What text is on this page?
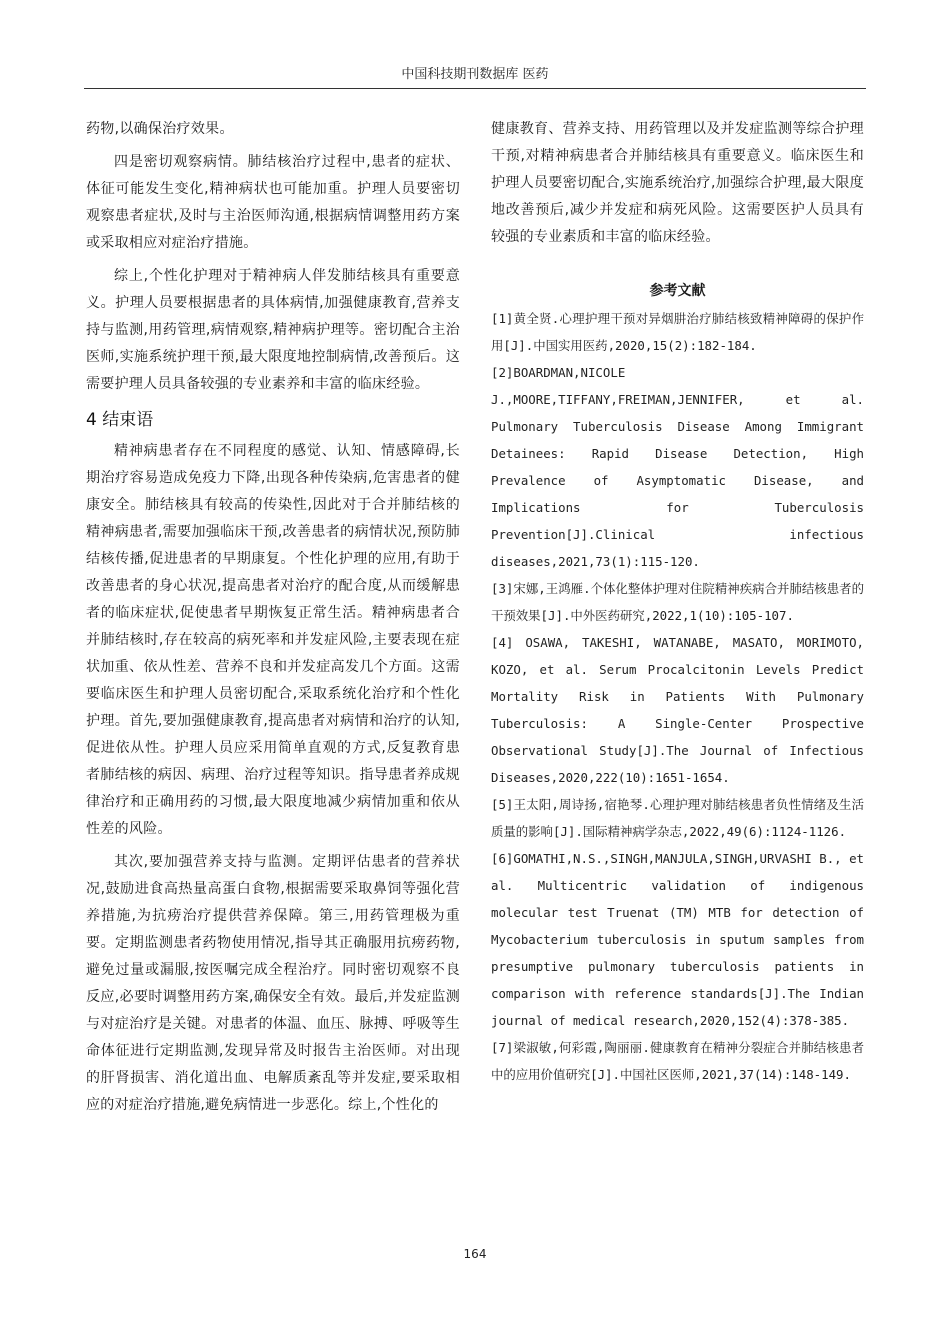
中国科技期刊数据库 医药

药物,以确保治疗效果。

四是密切观察病情。肺结核治疗过程中,患者的症状、体征可能发生变化,精神病状也可能加重。护理人员要密切观察患者症状,及时与主治医师沟通,根据病情调整用药方案或采取相应对症治疗措施。

综上,个性化护理对于精神病人伴发肺结核具有重要意义。护理人员要根据患者的具体病情,加强健康教育,营养支持与监测,用药管理,病情观察,精神病护理等。密切配合主治医师,实施系统护理干预,最大限度地控制病情,改善预后。这需要护理人员具备较强的专业素养和丰富的临床经验。

4 结束语

精神病患者存在不同程度的感觉、认知、情感障碍,长期治疗容易造成免疫力下降,出现各种传染病,危害患者的健康安全。肺结核具有较高的传染性,因此对于合并肺结核的精神病患者,需要加强临床干预,改善患者的病情状况,预防肺结核传播,促进患者的早期康复。个性化护理的应用,有助于改善患者的身心状况,提高患者对治疗的配合度,从而缓解患者的临床症状,促使患者早期恢复正常生活。精神病患者合并肺结核时,存在较高的病死率和并发症风险,主要表现在症状加重、依从性差、营养不良和并发症高发几个方面。这需要临床医生和护理人员密切配合,采取系统化治疗和个性化护理。首先,要加强健康教育,提高患者对病情和治疗的认知,促进依从性。护理人员应采用简单直观的方式,反复教育患者肺结核的病因、病理、治疗过程等知识。指导患者养成规律治疗和正确用药的习惯,最大限度地减少病情加重和依从性差的风险。

其次,要加强营养支持与监测。定期评估患者的营养状况,鼓励进食高热量高蛋白食物,根据需要采取鼻饲等强化营养措施,为抗痨治疗提供营养保障。第三,用药管理极为重要。定期监测患者药物使用情况,指导其正确服用抗痨药物,避免过量或漏服,按医嘱完成全程治疗。同时密切观察不良反应,必要时调整用药方案,确保安全有效。最后,并发症监测与对症治疗是关键。对患者的体温、血压、脉搏、呼吸等生命体征进行定期监测,发现异常及时报告主治医师。对出现的肝肾损害、消化道出血、电解质紊乱等并发症,要采取相应的对症治疗措施,避免病情进一步恶化。综上,个性化的

健康教育、营养支持、用药管理以及并发症监测等综合护理干预,对精神病患者合并肺结核具有重要意义。临床医生和护理人员要密切配合,实施系统治疗,加强综合护理,最大限度地改善预后,减少并发症和病死风险。这需要医护人员具有较强的专业素质和丰富的临床经验。

参考文献

[1]黄全贤.心理护理干预对异烟肼治疗肺结核致精神障碍的保护作用[J].中国实用医药,2020,15(2):182-184.

[2]BOARDMAN,NICOLE J.,MOORE,TIFFANY,FREIMAN,JENNIFER, et al. Pulmonary Tuberculosis Disease Among Immigrant Detainees: Rapid Disease Detection, High Prevalence of Asymptomatic Disease, and Implications for Tuberculosis Prevention[J].Clinical infectious diseases,2021,73(1):115-120.

[3]宋娜,王鸿雁.个体化整体护理对住院精神疾病合并肺结核患者的干预效果[J].中外医药研究,2022,1(10):105-107.

[4] OSAWA, TAKESHI, WATANABE, MASATO, MORIMOTO, KOZO, et al. Serum Procalcitonin Levels Predict Mortality Risk in Patients With Pulmonary Tuberculosis: A Single-Center Prospective Observational Study[J].The Journal of Infectious Diseases,2020,222(10):1651-1654.

[5]王太阳,周诗扬,宿艳琴.心理护理对肺结核患者负性情绪及生活质量的影响[J].国际精神病学杂志,2022,49(6):1124-1126.

[6]GOMATHI,N.S.,SINGH,MANJULA,SINGH,URVASHI B., et al. Multicentric validation of indigenous molecular test Truenat (TM) MTB for detection of Mycobacterium tuberculosis in sputum samples from presumptive pulmonary tuberculosis patients in comparison with reference standards[J].The Indian journal of medical research,2020,152(4):378-385.

[7]梁淑敏,何彩霞,陶丽丽.健康教育在精神分裂症合并肺结核患者中的应用价值研究[J].中国社区医师,2021,37(14):148-149.

164
